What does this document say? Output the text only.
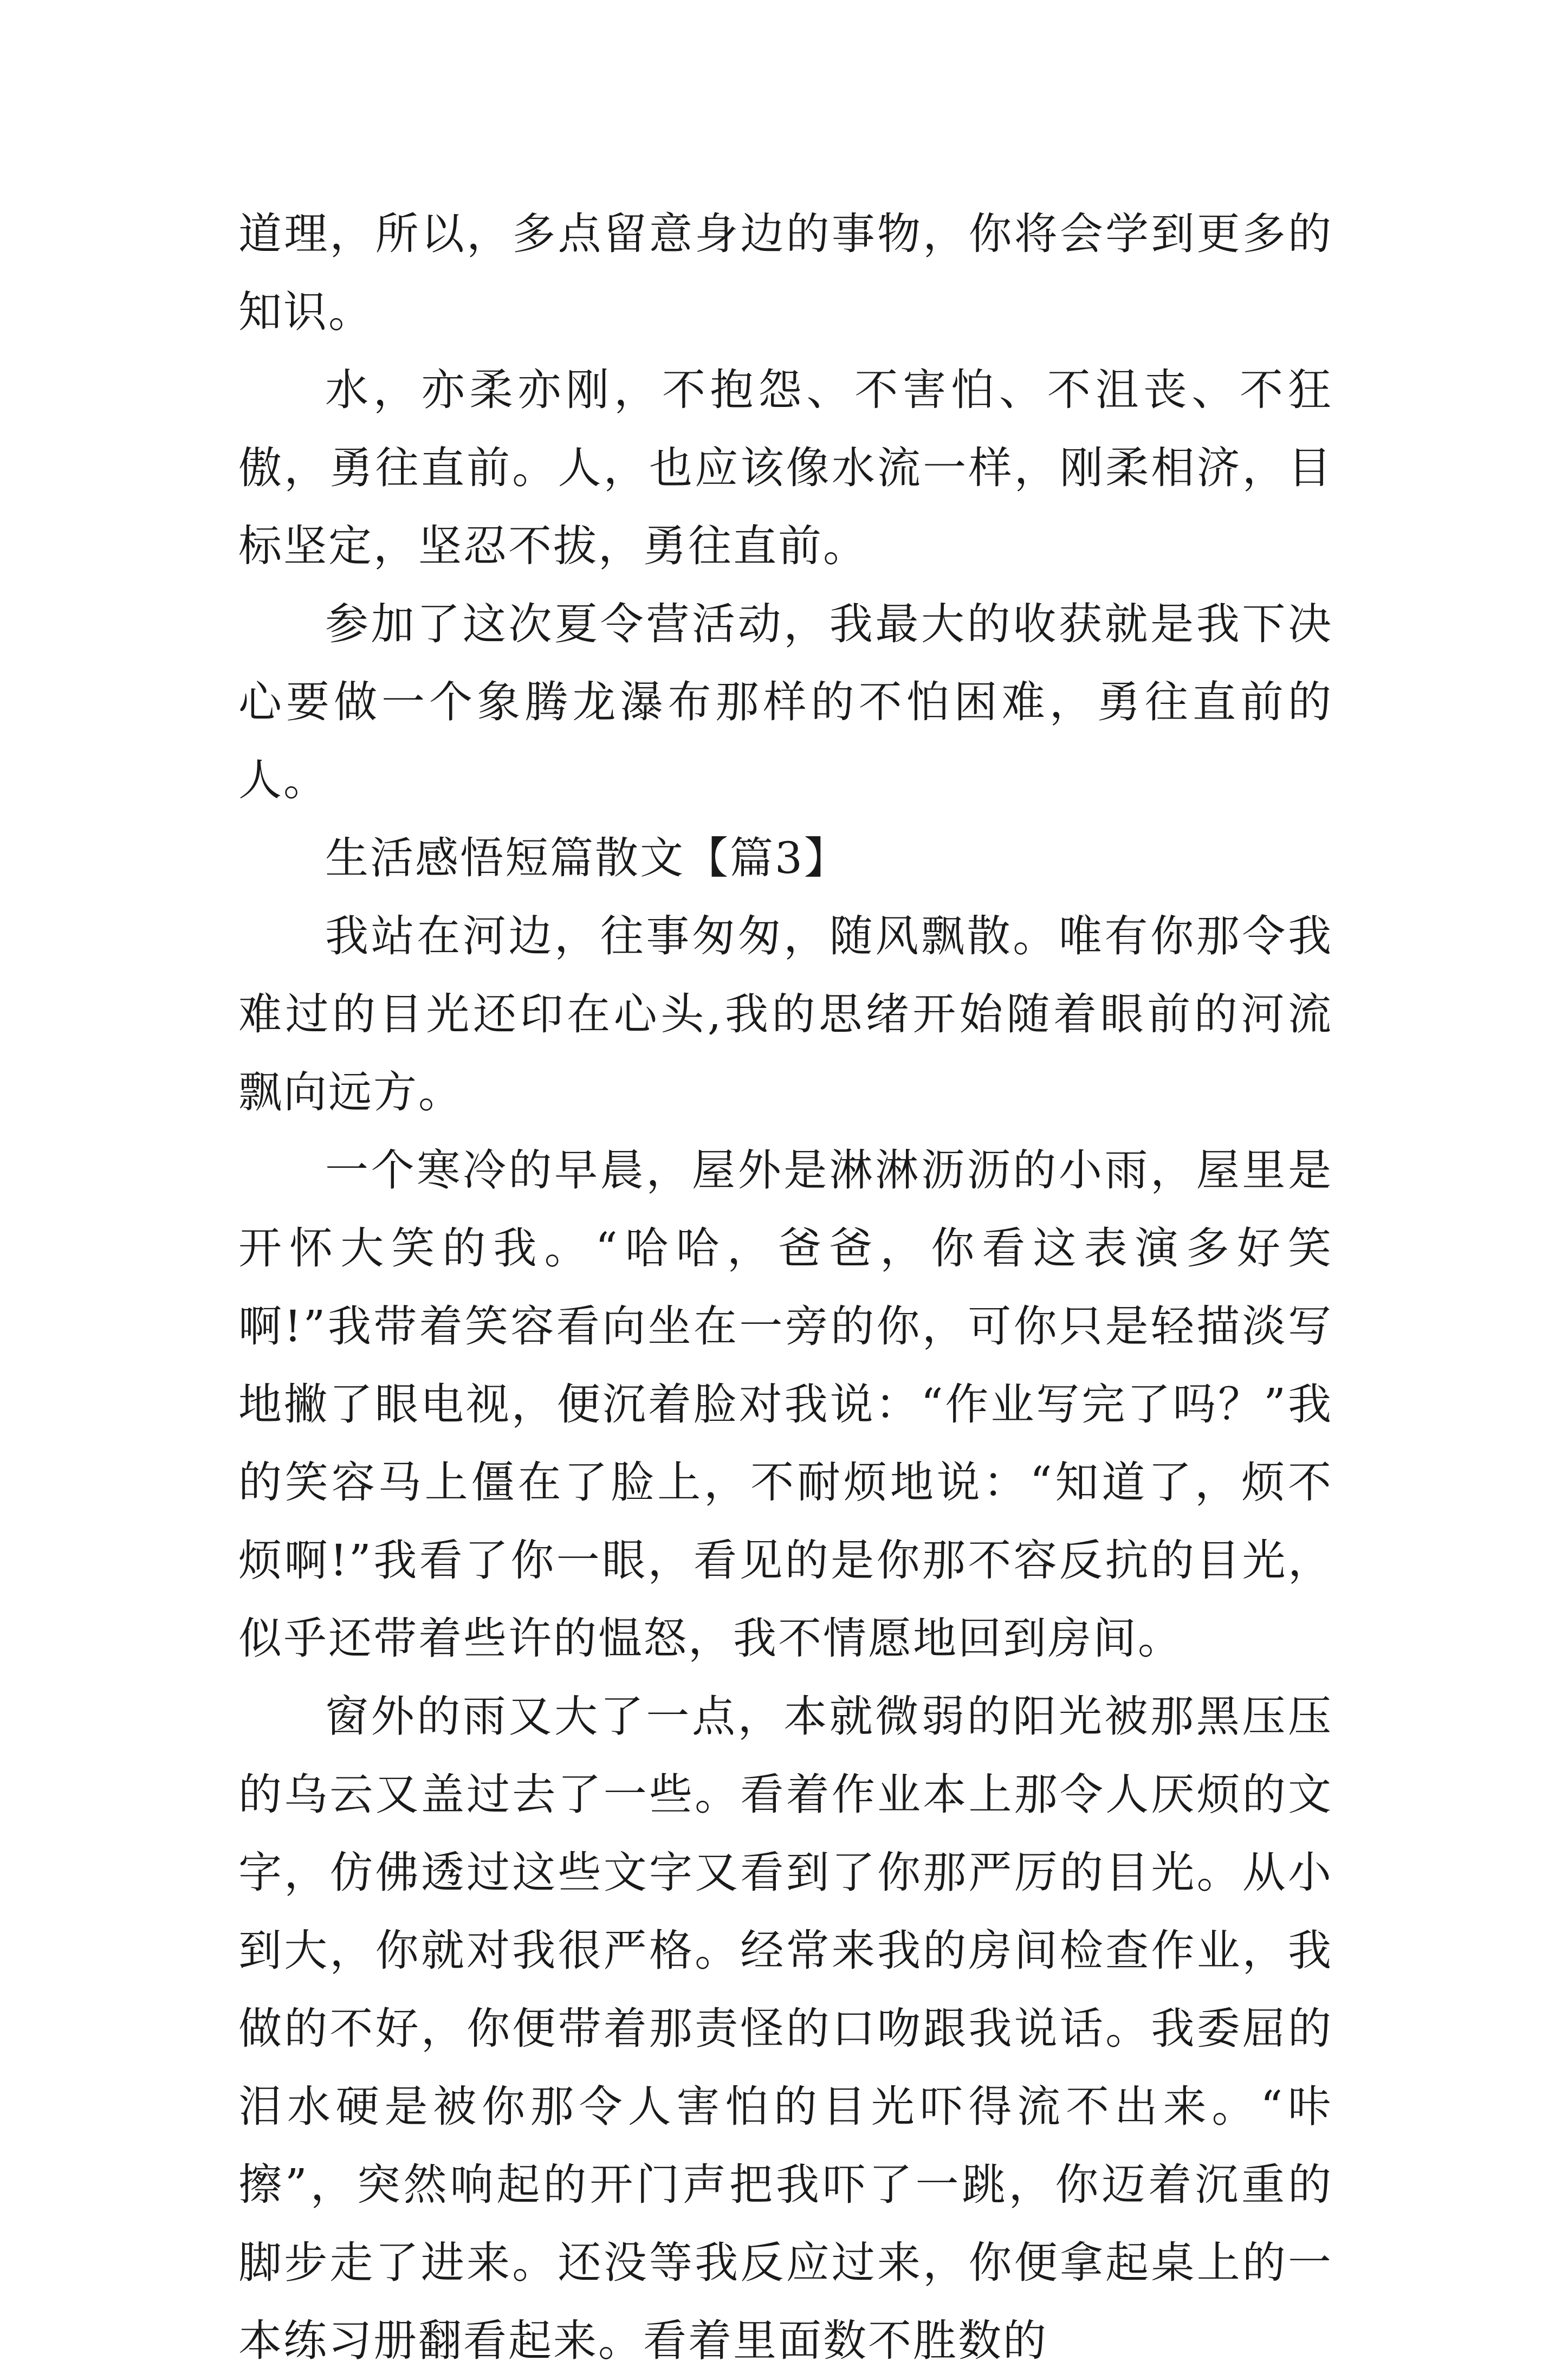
道理，所以，多点留意身边的事物，你将会学到更多的知识。

水，亦柔亦刚，不抱怨、不害怕、不沮丧、不狂傲，勇往直前。人，也应该像水流一样，刚柔相济，目标坚定，坚忍不拔，勇往直前。

参加了这次夏令营活动，我最大的收获就是我下决心要做一个象腾龙瀑布那样的不怕困难，勇往直前的人。

生活感悟短篇散文【篇3】

我站在河边，往事匆匆，随风飘散。唯有你那令我难过的目光还印在心头,我的思绪开始随着眼前的河流飘向远方。

一个寒冷的早晨，屋外是淋淋沥沥的小雨，屋里是开怀大笑的我。“哈哈，爸爸，你看这表演多好笑啊!”我带着笑容看向坐在一旁的你，可你只是轻描淡写地撇了眼电视，便沉着脸对我说：“作业写完了吗？”我的笑容马上僵在了脸上，不耐烦地说：“知道了，烦不烦啊!”我看了你一眼，看见的是你那不容反抗的目光，似乎还带着些许的愠怒，我不情愿地回到房间。

窗外的雨又大了一点，本就微弱的阳光被那黑压压的乌云又盖过去了一些。看着作业本上那令人厌烦的文字，仿佛透过这些文字又看到了你那严厉的目光。从小到大，你就对我很严格。经常来我的房间检查作业，我做的不好，你便带着那责怪的口吻跟我说话。我委屈的泪水硬是被你那令人害怕的目光吓得流不出来。“咔擦”，突然响起的开门声把我吓了一跳，你迈着沉重的脚步走了进来。还没等我反应过来，你便拿起桌上的一本练习册翻看起来。看着里面数不胜数的
